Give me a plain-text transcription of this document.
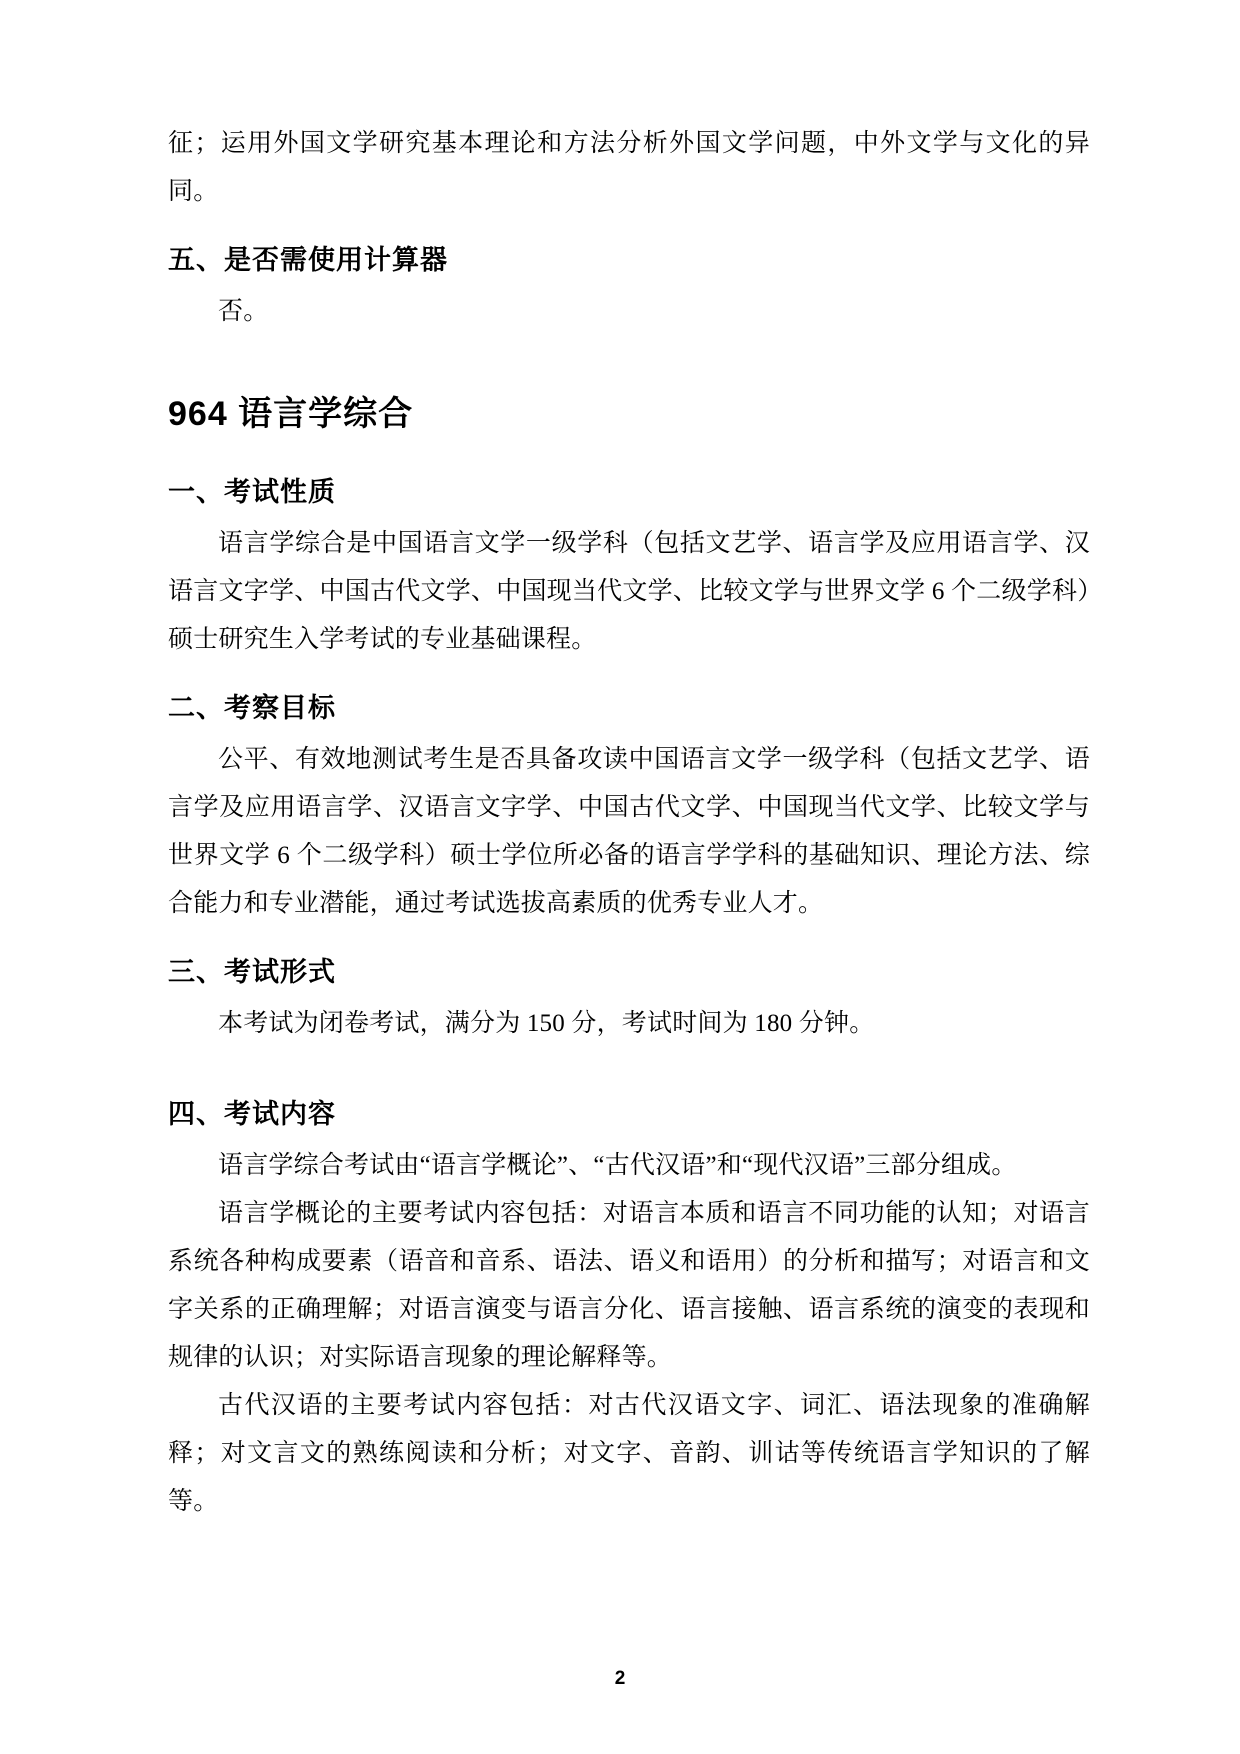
征；运用外国文学研究基本理论和方法分析外国文学问题，中外文学与文化的异同。

五、是否需使用计算器

否。

964 语言学综合
一、考试性质

语言学综合是中国语言文学一级学科（包括文艺学、语言学及应用语言学、汉语言文字学、中国古代文学、中国现当代文学、比较文学与世界文学 6 个二级学科）硕士研究生入学考试的专业基础课程。

二、考察目标

公平、有效地测试考生是否具备攻读中国语言文学一级学科（包括文艺学、语言学及应用语言学、汉语言文字学、中国古代文学、中国现当代文学、比较文学与世界文学 6 个二级学科）硕士学位所必备的语言学学科的基础知识、理论方法、综合能力和专业潜能，通过考试选拔高素质的优秀专业人才。

三、考试形式

本考试为闭卷考试，满分为 150 分，考试时间为 180 分钟。

四、考试内容

语言学综合考试由“语言学概论”、“古代汉语”和“现代汉语”三部分组成。

语言学概论的主要考试内容包括：对语言本质和语言不同功能的认知；对语言系统各种构成要素（语音和音系、语法、语义和语用）的分析和描写；对语言和文字关系的正确理解；对语言演变与语言分化、语言接触、语言系统的演变的表现和规律的认识；对实际语言现象的理论解释等。

古代汉语的主要考试内容包括：对古代汉语文字、词汇、语法现象的准确解释；对文言文的熟练阅读和分析；对文字、音韵、训诂等传统语言学知识的了解等。

2
